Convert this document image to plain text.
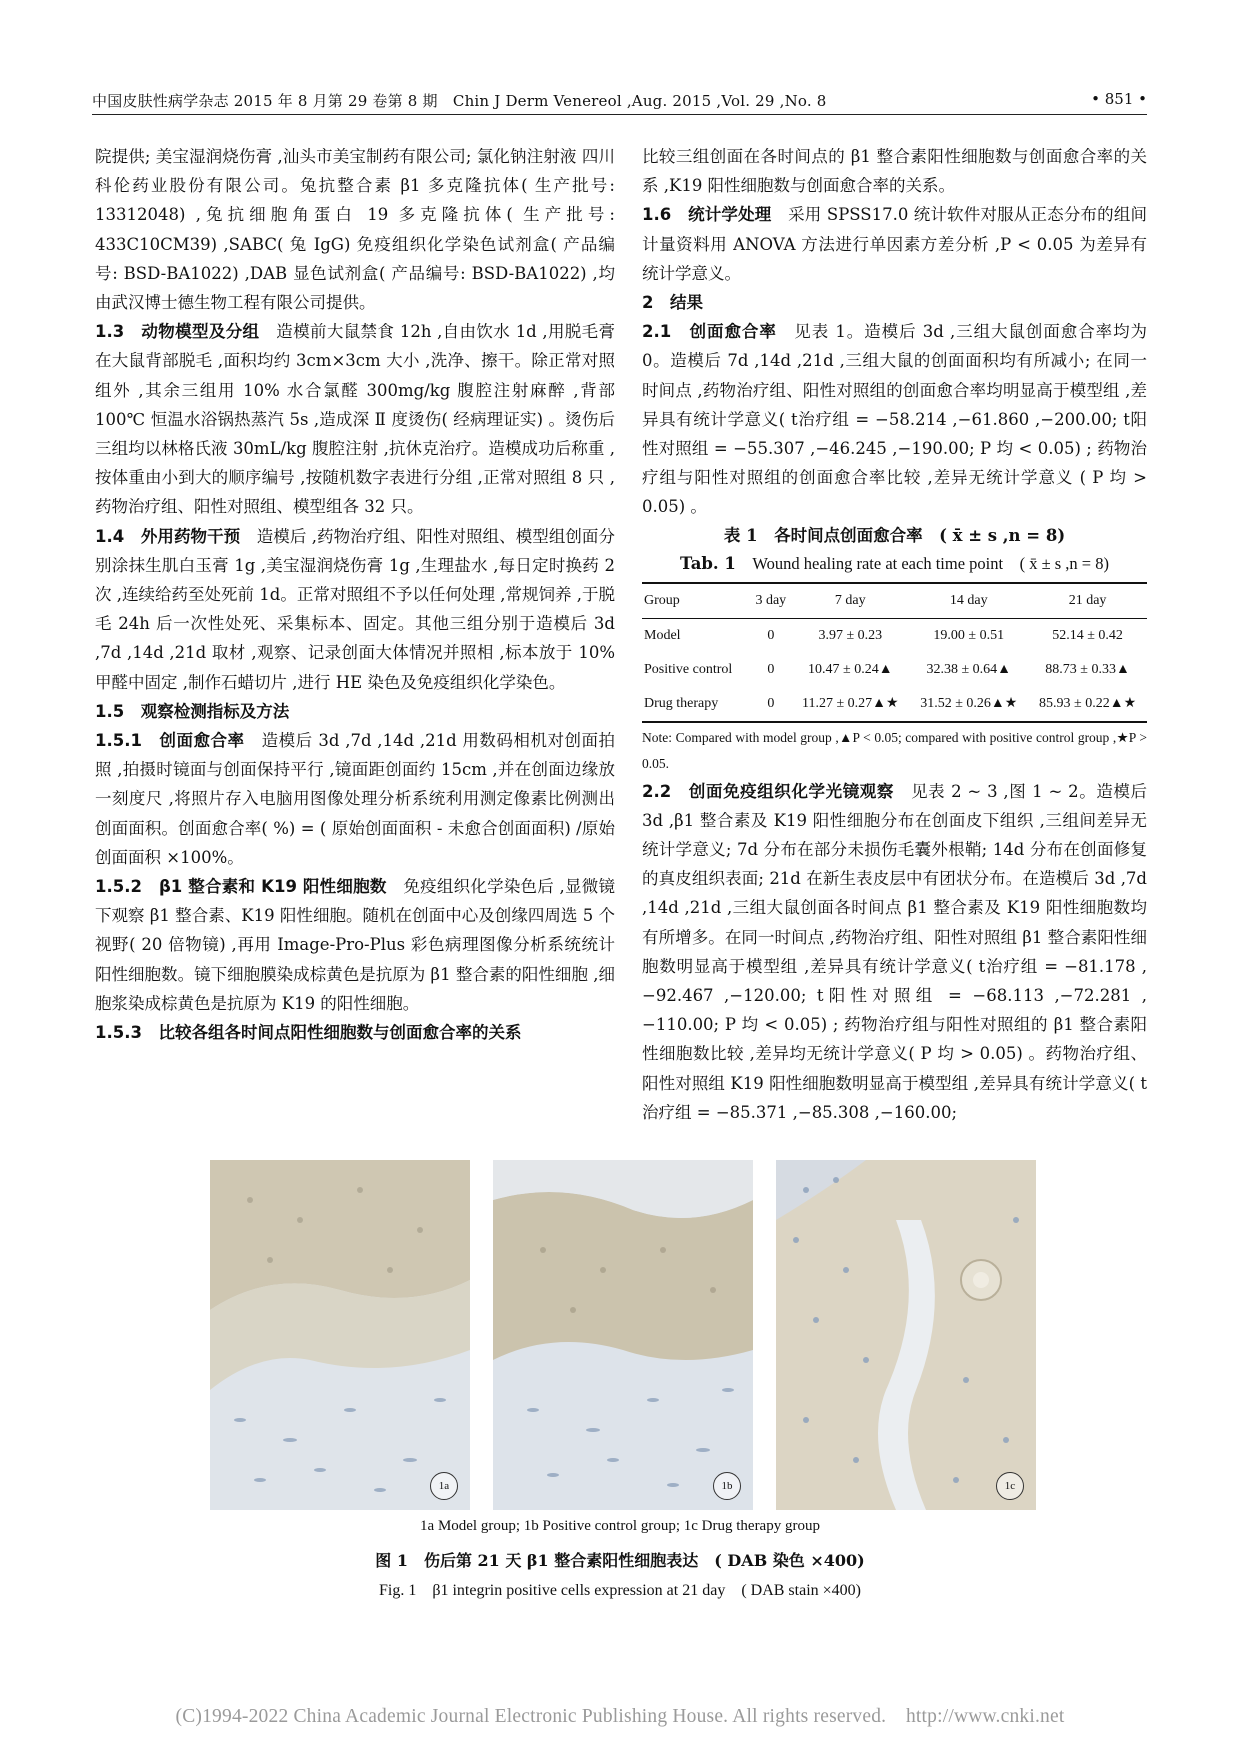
中国皮肤性病学杂志 2015 年 8 月第 29 卷第 8 期　Chin J Derm Venereol ,Aug. 2015 ,Vol. 29 ,No. 8	• 851 •

院提供; 美宝湿润烧伤膏 ,汕头市美宝制药有限公司; 氯化钠注射液 四川科伦药业股份有限公司。兔抗整合素 β1 多克隆抗体( 生产批号: 13312048) ,兔抗细胞角蛋白 19 多克隆抗体( 生产批号: 433C10CM39) ,SABC( 兔 IgG) 免疫组织化学染色试剂盒( 产品编号: BSD-BA1022) ,DAB 显色试剂盒( 产品编号: BSD-BA1022) ,均由武汉博士德生物工程有限公司提供。

1.3　动物模型及分组　 造模前大鼠禁食 12h ,自由饮水 1d ,用脱毛膏在大鼠背部脱毛 ,面积均约 3cm×3cm 大小 ,洗净、擦干。除正常对照组外 ,其余三组用 10% 水合氯醛 300mg/kg 腹腔注射麻醉 ,背部 100℃ 恒温水浴锅热蒸汽 5s ,造成深 Ⅱ 度烫伤( 经病理证实) 。烫伤后三组均以林格氏液 30mL/kg 腹腔注射 ,抗休克治疗。造模成功后称重 ,按体重由小到大的顺序编号 ,按随机数字表进行分组 ,正常对照组 8 只 ,药物治疗组、阳性对照组、模型组各 32 只。

1.4　外用药物干预　 造模后 ,药物治疗组、阳性对照组、模型组创面分别涂抹生肌白玉膏 1g ,美宝湿润烧伤膏 1g ,生理盐水 ,每日定时换药 2 次 ,连续给药至处死前 1d。正常对照组不予以任何处理 ,常规饲养 ,于脱毛 24h 后一次性处死、采集标本、固定。其他三组分别于造模后 3d ,7d ,14d ,21d 取材 ,观察、记录创面大体情况并照相 ,标本放于 10% 甲醛中固定 ,制作石蜡切片 ,进行 HE 染色及免疫组织化学染色。

1.5　观察检测指标及方法

1.5.1　创面愈合率　 造模后 3d ,7d ,14d ,21d 用数码相机对创面拍照 ,拍摄时镜面与创面保持平行 ,镜面距创面约 15cm ,并在创面边缘放一刻度尺 ,将照片存入电脑用图像处理分析系统利用测定像素比例测出创面面积。创面愈合率( %) = ( 原始创面面积 - 未愈合创面面积) /原始创面面积 ×100%。

1.5.2　β1 整合素和 K19 阳性细胞数　 免疫组织化学染色后 ,显微镜下观察 β1 整合素、K19 阳性细胞。随机在创面中心及创缘四周选 5 个视野( 20 倍物镜) ,再用 Image-Pro-Plus 彩色病理图像分析系统统计阳性细胞数。镜下细胞膜染成棕黄色是抗原为 β1 整合素的阳性细胞 ,细胞浆染成棕黄色是抗原为 K19 的阳性细胞。

1.5.3　比较各组各时间点阳性细胞数与创面愈合率的关系

比较三组创面在各时间点的 β1 整合素阳性细胞数与创面愈合率的关系 ,K19 阳性细胞数与创面愈合率的关系。

1.6　统计学处理　 采用 SPSS17.0 统计软件对服从正态分布的组间计量资料用 ANOVA 方法进行单因素方差分析 ,P < 0.05 为差异有统计学意义。

2　结果

2.1　创面愈合率　 见表 1。造模后 3d ,三组大鼠创面愈合率均为 0。造模后 7d ,14d ,21d ,三组大鼠的创面面积均有所减小; 在同一时间点 ,药物治疗组、阳性对照组的创面愈合率均明显高于模型组 ,差异具有统计学意义( t治疗组 = −58.214 ,−61.860 ,−200.00; t阳性对照组 = −55.307 ,−46.245 ,−190.00; P 均 < 0.05) ; 药物治疗组与阳性对照组的创面愈合率比较 ,差异无统计学意义 ( P 均 > 0.05) 。

表 1　各时间点创面愈合率　( x̄ ± s ,n = 8)
Tab. 1　 Wound healing rate at each time point　( x̄ ± s ,n = 8)
Group	3 day	7 day	14 day	21 day
Model	0	3.97 ± 0.23	19.00 ± 0.51	52.14 ± 0.42
Positive control	0	10.47 ± 0.24▲	32.38 ± 0.64▲	88.73 ± 0.33▲
Drug therapy	0	11.27 ± 0.27▲★	31.52 ± 0.26▲★	85.93 ± 0.22▲★
Note: Compared with model group ,▲P < 0.05; compared with positive control group ,★P > 0.05.

2.2　创面免疫组织化学光镜观察　 见表 2 ~ 3 ,图 1 ~ 2。造模后 3d ,β1 整合素及 K19 阳性细胞分布在创面皮下组织 ,三组间差异无统计学意义; 7d 分布在部分未损伤毛囊外根鞘; 14d 分布在创面修复的真皮组织表面; 21d 在新生表皮层中有团状分布。在造模后 3d ,7d ,14d ,21d ,三组大鼠创面各时间点 β1 整合素及 K19 阳性细胞数均有所增多。在同一时间点 ,药物治疗组、阳性对照组 β1 整合素阳性细胞数明显高于模型组 ,差异具有统计学意义( t治疗组 = −81.178 ,−92.467 ,−120.00; t阳性对照组 = −68.113 ,−72.281 ,−110.00; P 均 < 0.05) ; 药物治疗组与阳性对照组的 β1 整合素阳性细胞数比较 ,差异均无统计学意义( P 均 > 0.05) 。药物治疗组、阳性对照组 K19 阳性细胞数明显高于模型组 ,差异具有统计学意义( t治疗组 = −85.371 ,−85.308 ,−160.00;

1a	1b	1c
1a Model group; 1b Positive control group; 1c Drug therapy group
图 1　伤后第 21 天 β1 整合素阳性细胞表达　( DAB 染色 ×400)
Fig. 1　β1 integrin positive cells expression at 21 day　( DAB stain ×400)
(C)1994-2022 China Academic Journal Electronic Publishing House. All rights reserved.　http://www.cnki.net
